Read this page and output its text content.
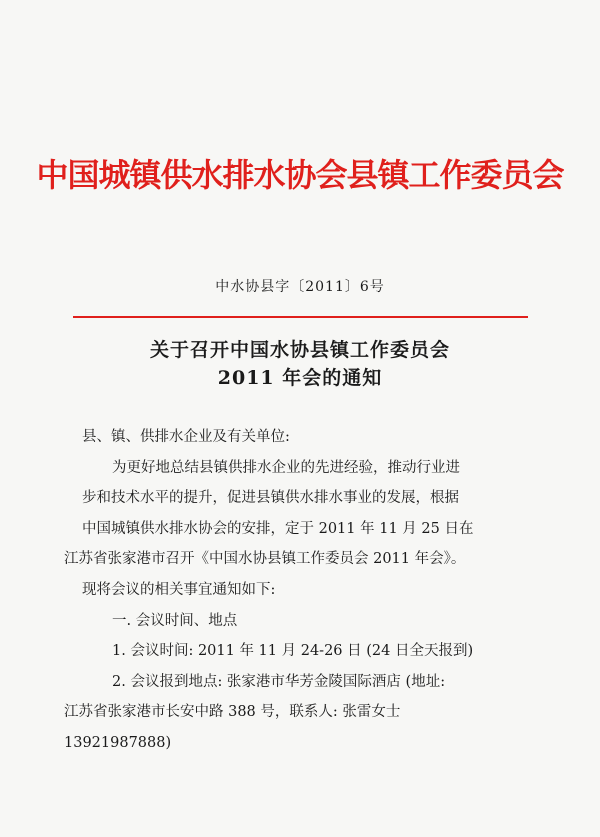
中国城镇供水排水协会县镇工作委员会
中水协县字〔2011〕6号
关于召开中国水协县镇工作委员会
2011 年会的通知
县、镇、供排水企业及有关单位:
为更好地总结县镇供排水企业的先进经验，推动行业进
步和技术水平的提升，促进县镇供水排水事业的发展，根据
中国城镇供水排水协会的安排，定于 2011 年 11 月 25 日在
江苏省张家港市召开《中国水协县镇工作委员会 2011 年会》。
现将会议的相关事宜通知如下:
一. 会议时间、地点
1. 会议时间: 2011 年 11 月 24-26 日 (24 日全天报到)
2. 会议报到地点: 张家港市华芳金陵国际酒店 (地址:
江苏省张家港市长安中路 388 号，联系人: 张雷女士
13921987888)
